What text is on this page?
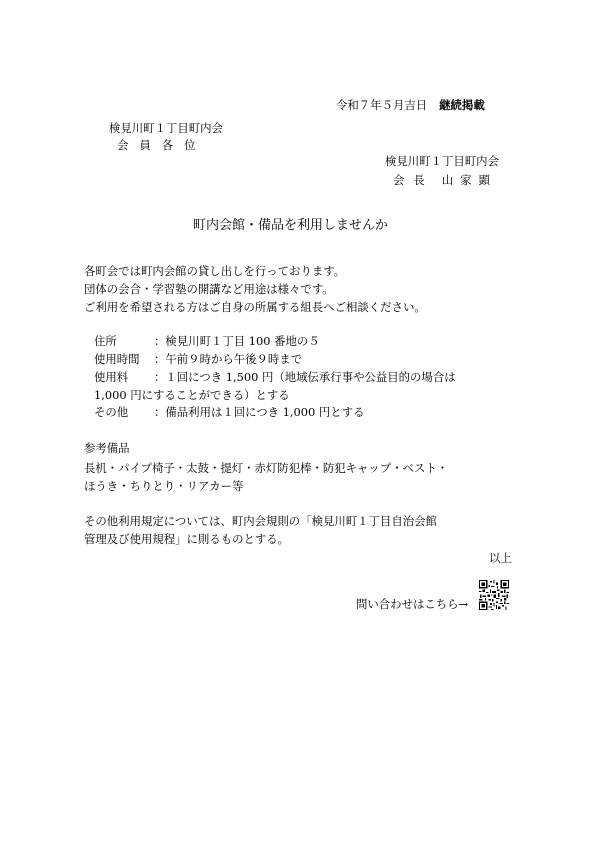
令和７年５月吉日 継続掲載
検見川町１丁目町内会
会員各位
検見川町１丁目町内会
会長 山家顕
町内会館・備品を利用しませんか
各町会では町内会館の貸し出しを行っております。
団体の会合・学習塾の開講など用途は様々です。
ご利用を希望される方はご自身の所属する組長へご相談ください。
住所	：検見川町１丁目 100 番地の５
使用時間 ：午前９時から午後９時まで
使用料 ：１回につき 1,500 円（地域伝承行事や公益目的の場合は
1,000 円にすることができる）とする
その他 ：備品利用は１回につき 1,000 円とする
参考備品
長机・パイプ椅子・太鼓・提灯・赤灯防犯棒・防犯キャップ・ベスト・
ほうき・ちりとり・リアカー等
その他利用規定については、町内会規則の「検見川町１丁目自治会館
管理及び使用規程」に則るものとする。
以上
問い合わせはこちら→
